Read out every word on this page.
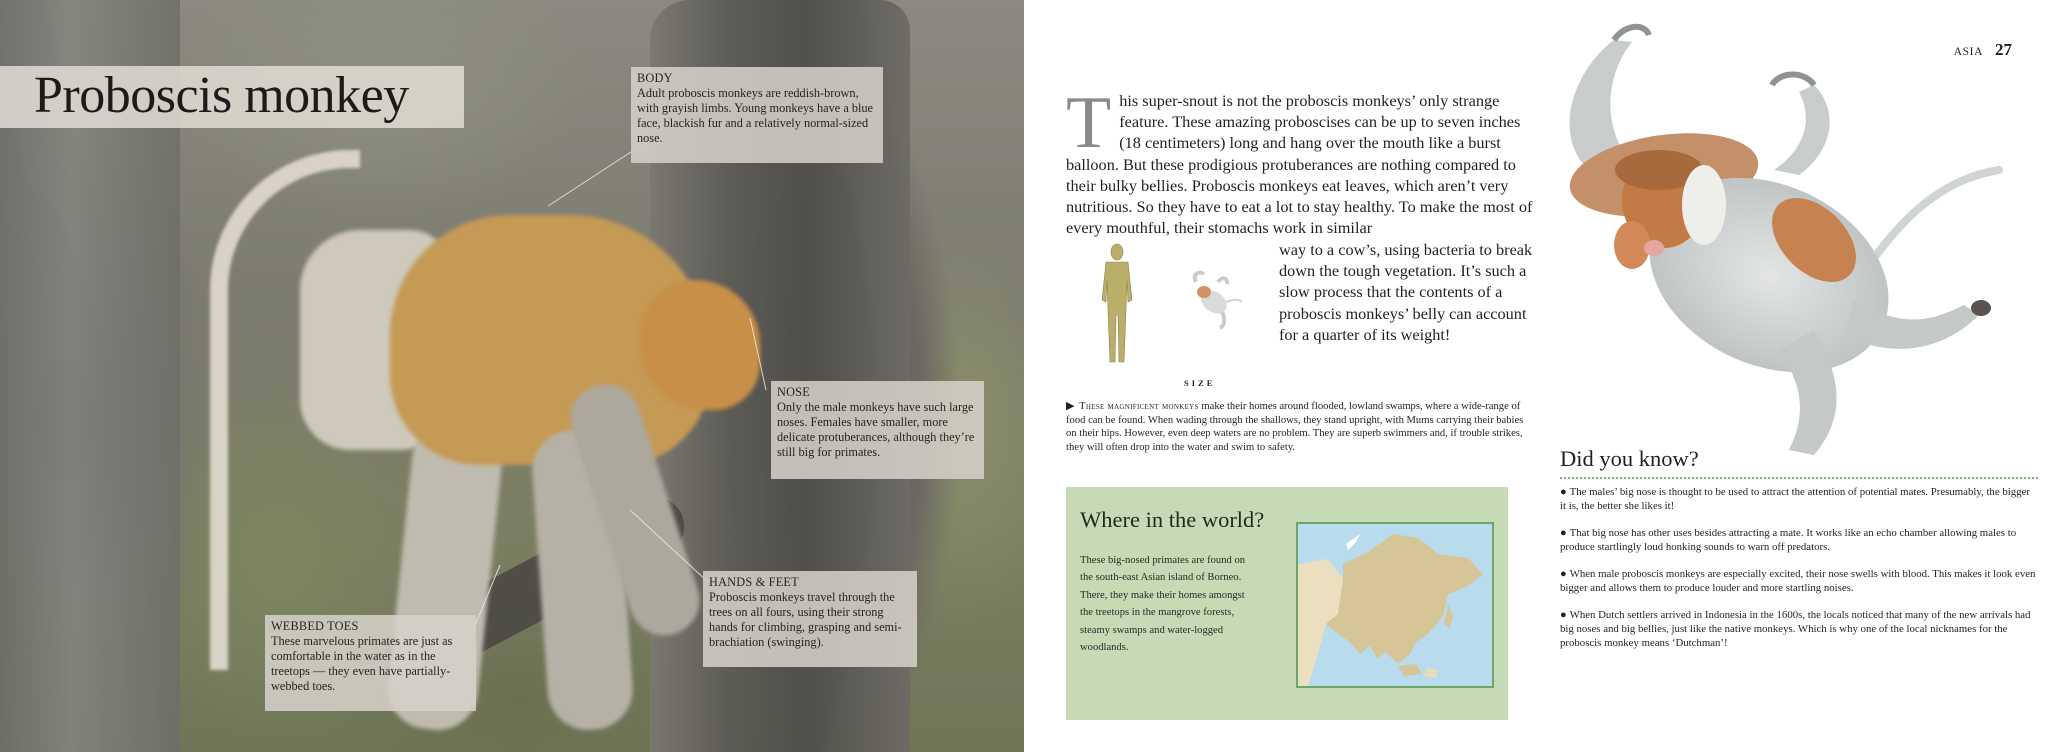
Proboscis monkey	BODY
Adult proboscis monkeys are reddish-brown, with grayish limbs. Young monkeys have a blue face, blackish fur and a relatively normal-sized nose.
NOSE
Only the male monkeys have such large noses. Females have smaller, more delicate protuberances, although they’re still big for primates.
HANDS & FEET
Proboscis monkeys travel through the trees on all fours, using their strong hands for climbing, grasping and semi-brachiation (swinging).
WEBBED TOES
These marvelous primates are just as comfortable in the water as in the treetops — they even have partially-webbed toes.
ASIA 27
T his super-snout is not the proboscis monkeys’ only strange feature. These amazing proboscises can be up to seven inches (18 centimeters) long and hang over the mouth like a burst balloon. But these prodigious protuberances are nothing compared to their bulky bellies. Proboscis monkeys eat leaves, which aren’t very nutritious. So they have to eat a lot to stay healthy. To make the most of every mouthful, their stomachs work in similar
SIZE
way to a cow’s, using bacteria to break down the tough vegetation. It’s such a slow process that the contents of a proboscis monkeys’ belly can account for a quarter of its weight!

▶ These magnificent monkeys make their homes around flooded, lowland swamps, where a wide-range of food can be found. When wading through the shallows, they stand upright, with Mums carrying their babies on their hips. However, even deep waters are no problem. They are superb swimmers and, if trouble strikes, they will often drop into the water and swim to safety.

Where in the world?

These big-nosed primates are found on the south-east Asian island of Borneo. There, they make their homes amongst the treetops in the mangrove forests, steamy swamps and water-logged woodlands.

Did you know?
● The males’ big nose is thought to be used to attract the attention of potential mates. Presumably, the bigger it is, the better she likes it!
● That big nose has other uses besides attracting a mate. It works like an echo chamber allowing males to produce startlingly loud honking sounds to warn off predators.
● When male proboscis monkeys are especially excited, their nose swells with blood. This makes it look even bigger and allows them to produce louder and more startling noises.
● When Dutch settlers arrived in Indonesia in the 1600s, the locals noticed that many of the new arrivals had big noses and big bellies, just like the native monkeys. Which is why one of the local nicknames for the proboscis monkey means ‘Dutchman’!
